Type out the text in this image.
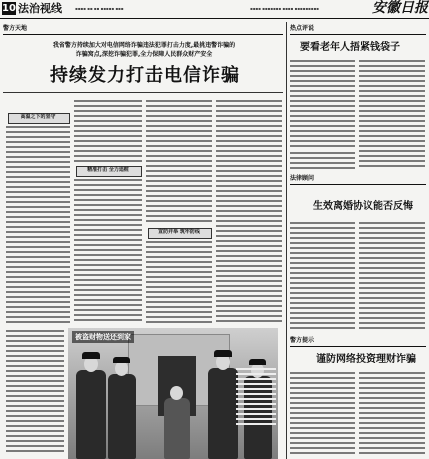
10 法治视线	▪▪▪▪ ▪▪ ▪▪ ▪▪▪▪▪ ▪▪▪	▪▪▪▪ ▪▪▪▪▪▪▪ ▪▪▪▪ ▪▪▪▪▪▪▪▪▪	安徽日报
警方天地
我省警方持续加大对电信网络诈骗违法犯罪打击力度,最挑违警诈骗的
诈骗窝点,深挖诈骗犯罪,全力保障人民群众财产安全
持续发力打击电信诈骗
高温之下的坚守
精准打击 全力追赃
宣防并举 筑牢防线
被盗财物送还到家
热点评说
要看老年人捂紧钱袋子
法律顾问
生效离婚协议能否反悔
警方提示
谨防网络投资理财诈骗
